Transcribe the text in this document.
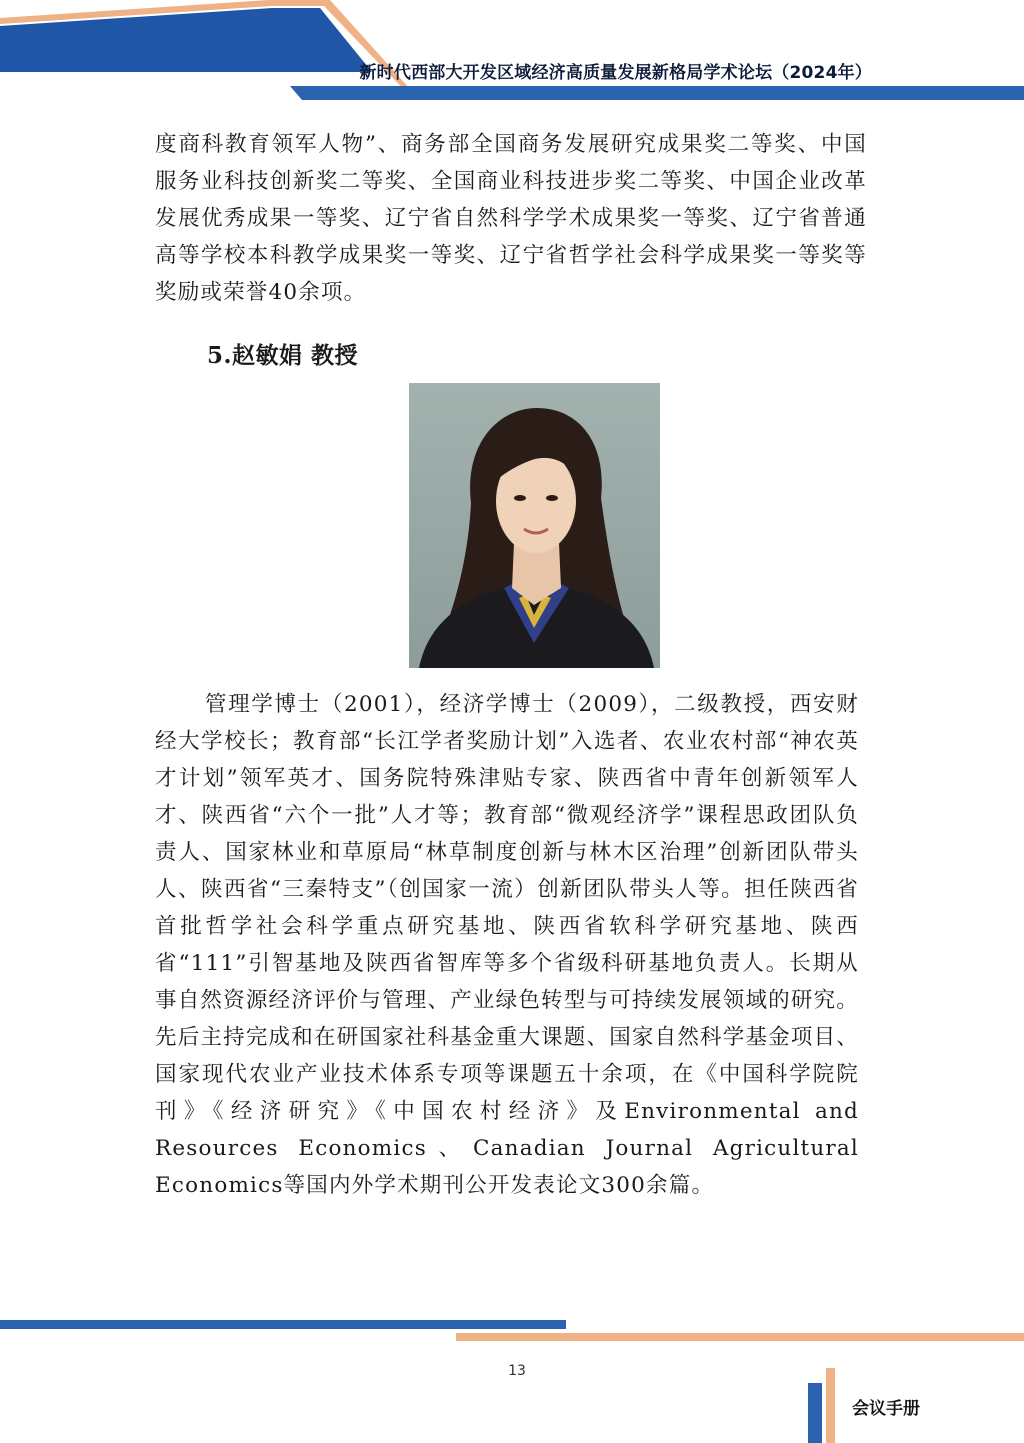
新时代西部大开发区域经济高质量发展新格局学术论坛（2024年）

度商科教育领军人物”、商务部全国商务发展研究成果奖二等奖、中国服务业科技创新奖二等奖、全国商业科技进步奖二等奖、中国企业改革发展优秀成果一等奖、辽宁省自然科学学术成果奖一等奖、辽宁省普通高等学校本科教学成果奖一等奖、辽宁省哲学社会科学成果奖一等奖等奖励或荣誉40余项。

5.赵敏娟 教授

管理学博士（2001），经济学博士（2009），二级教授，西安财经大学校长；教育部“长江学者奖励计划”入选者、农业农村部“神农英才计划”领军英才、国务院特殊津贴专家、陕西省中青年创新领军人才、陕西省“六个一批”人才等；教育部“微观经济学”课程思政团队负责人、国家林业和草原局“林草制度创新与林木区治理”创新团队带头人、陕西省“三秦特支”（创国家一流）创新团队带头人等。担任陕西省首批哲学社会科学重点研究基地、陕西省软科学研究基地、陕西省“111”引智基地及陕西省智库等多个省级科研基地负责人。长期从事自然资源经济评价与管理、产业绿色转型与可持续发展领域的研究。先后主持完成和在研国家社科基金重大课题、国家自然科学基金项目、国家现代农业产业技术体系专项等课题五十余项，在《中国科学院院刊》《经济研究》《中国农村经济》及Environmental and Resources Economics、Canadian Journal Agricultural Economics等国内外学术期刊公开发表论文300余篇。

13
会议手册
